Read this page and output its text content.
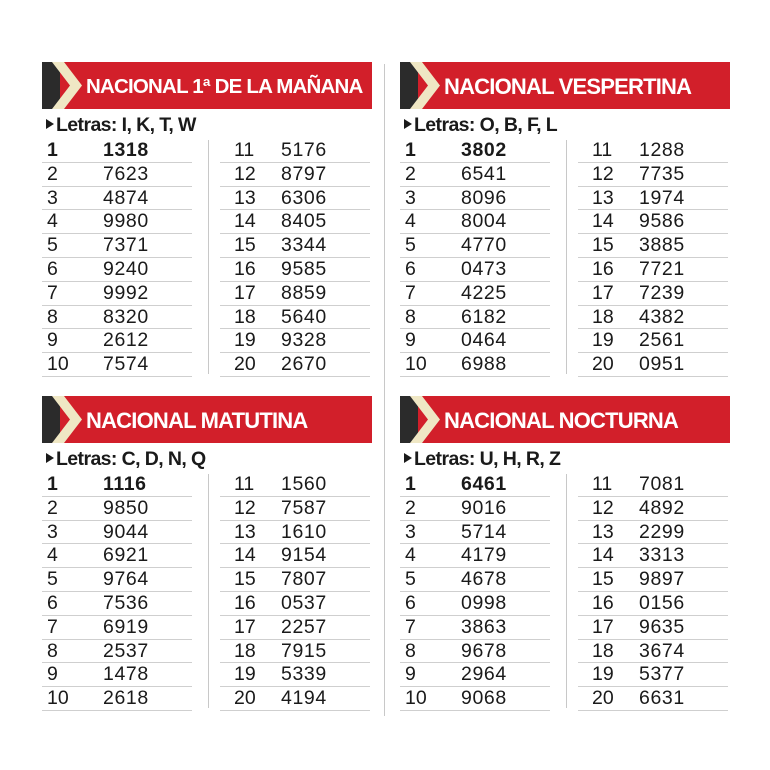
NACIONAL 1ª DE LA MAÑANA
Letras: I, K, T, W
1 1318
2 7623
3 4874
4 9980
5 7371
6 9240
7 9992
8 8320
9 2612
10 7574
11 5176
12 8797
13 6306
14 8405
15 3344
16 9585
17 8859
18 5640
19 9328
20 2670
NACIONAL VESPERTINA
Letras: O, B, F, L
1 3802
2 6541
3 8096
4 8004
5 4770
6 0473
7 4225
8 6182
9 0464
10 6988
11 1288
12 7735
13 1974
14 9586
15 3885
16 7721
17 7239
18 4382
19 2561
20 0951
NACIONAL MATUTINA
Letras: C, D, N, Q
1 1116
2 9850
3 9044
4 6921
5 9764
6 7536
7 6919
8 2537
9 1478
10 2618
11 1560
12 7587
13 1610
14 9154
15 7807
16 0537
17 2257
18 7915
19 5339
20 4194
NACIONAL NOCTURNA
Letras: U, H, R, Z
1 6461
2 9016
3 5714
4 4179
5 4678
6 0998
7 3863
8 9678
9 2964
10 9068
11 7081
12 4892
13 2299
14 3313
15 9897
16 0156
17 9635
18 3674
19 5377
20 6631
